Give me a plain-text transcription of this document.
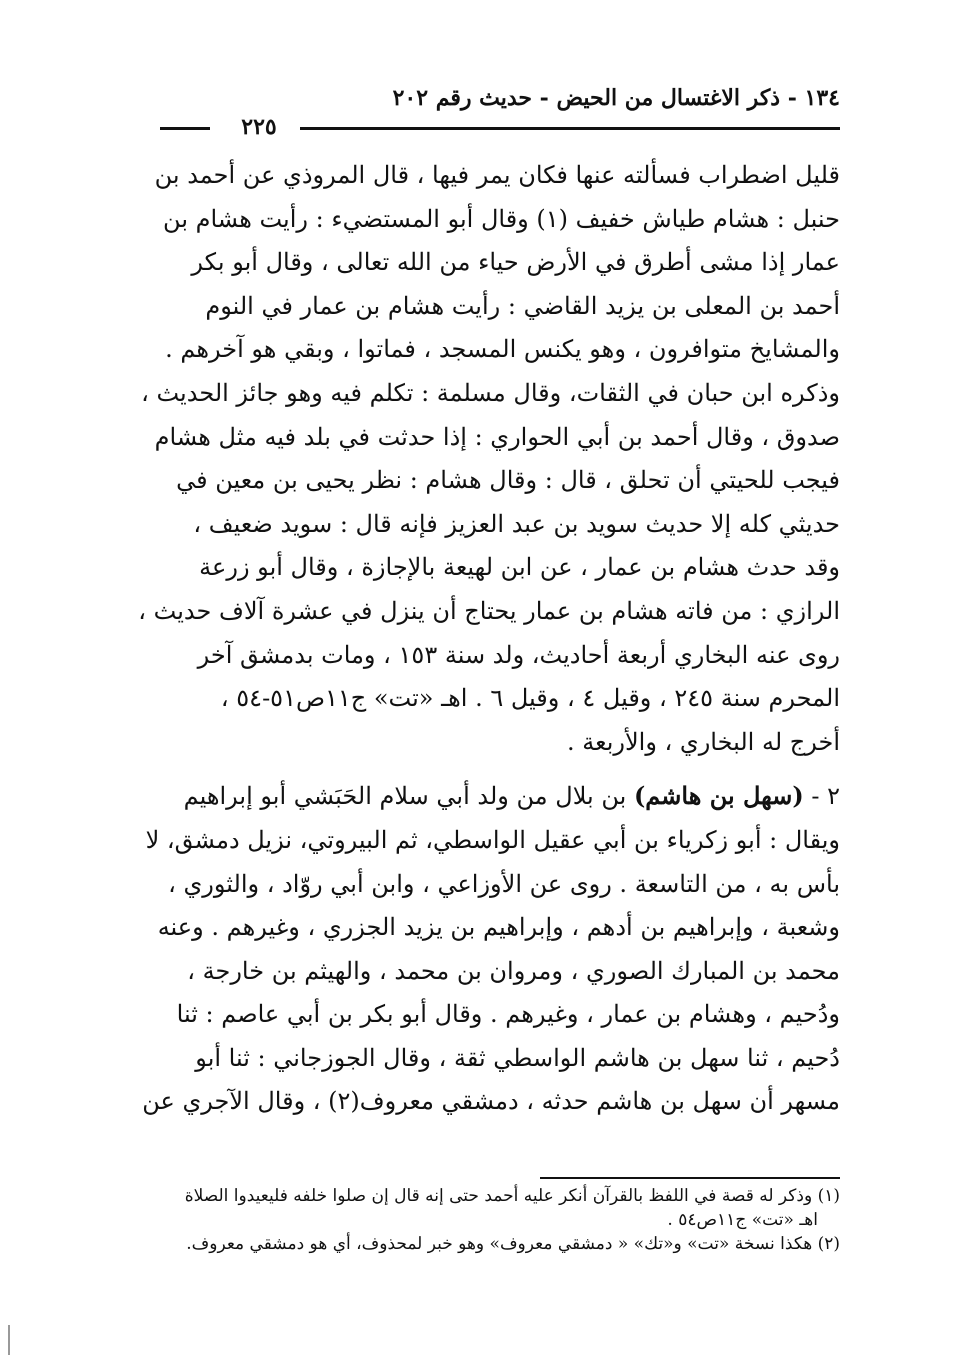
١٣٤ - ذكر الاغتسال من الحيض - حديث رقم ٢٠٢
٢٢٥

قليل اضطراب فسألته عنها فكان يمر فيها ، قال المروذي عن أحمد بن
حنبل : هشام طياش خفيف (١) وقال أبو المستضيء : رأيت هشام بن
عمار إذا مشى أطرق في الأرض حياء من الله تعالى ، وقال أبو بكر
أحمد بن المعلى بن يزيد القاضي : رأيت هشام بن عمار في النوم
والمشايخ متوافرون ، وهو يكنس المسجد ، فماتوا ، وبقي هو آخرهم .
وذكره ابن حبان في الثقات، وقال مسلمة : تكلم فيه وهو جائز الحديث ،
صدوق ، وقال أحمد بن أبي الحواري : إذا حدثت في بلد فيه مثل هشام
فيجب للحيتي أن تحلق ، قال : وقال هشام : نظر يحيى بن معين في
حديثي كله إلا حديث سويد بن عبد العزيز فإنه قال : سويد ضعيف ،
وقد حدث هشام بن عمار ، عن ابن لهيعة بالإجازة ، وقال أبو زرعة
الرازي : من فاته هشام بن عمار يحتاج أن ينزل في عشرة آلاف حديث ،
روى عنه البخاري أربعة أحاديث، ولد سنة ١٥٣ ، ومات بدمشق آخر
المحرم سنة ٢٤٥ ، وقيل ٤ ، وقيل ٦ . اهـ «تت» ج١١ص٥١-٥٤ ،
أخرج له البخاري ، والأربعة .

٢ - (سهل بن هاشم) بن بلال من ولد أبي سلام الحَبَشي أبو إبراهيم
ويقال : أبو زكرياء بن أبي عقيل الواسطي، ثم البيروتي، نزيل دمشق، لا
بأس به ، من التاسعة . روى عن الأوزاعي ، وابن أبي روّاد ، والثوري ،
وشعبة ، وإبراهيم بن أدهم ، وإبراهيم بن يزيد الجزري ، وغيرهم . وعنه
محمد بن المبارك الصوري ، ومروان بن محمد ، والهيثم بن خارجة ،
ودُحيم ، وهشام بن عمار ، وغيرهم . وقال أبو بكر بن أبي عاصم : ثنا
دُحيم ، ثنا سهل بن هاشم الواسطي ثقة ، وقال الجوزجاني : ثنا أبو
مسهر أن سهل بن هاشم حدثه ، دمشقي معروف(٢) ، وقال الآجري عن

(١) وذكر له قصة في اللفظ بالقرآن أنكر عليه أحمد حتى إنه قال إن صلوا خلفه فليعيدوا الصلاة
اهـ «تت» ج١١ص٥٤ .

(٢) هكذا نسخة «تت» و«تك» « دمشقي معروف» وهو خبر لمحذوف، أي هو دمشقي معروف.
